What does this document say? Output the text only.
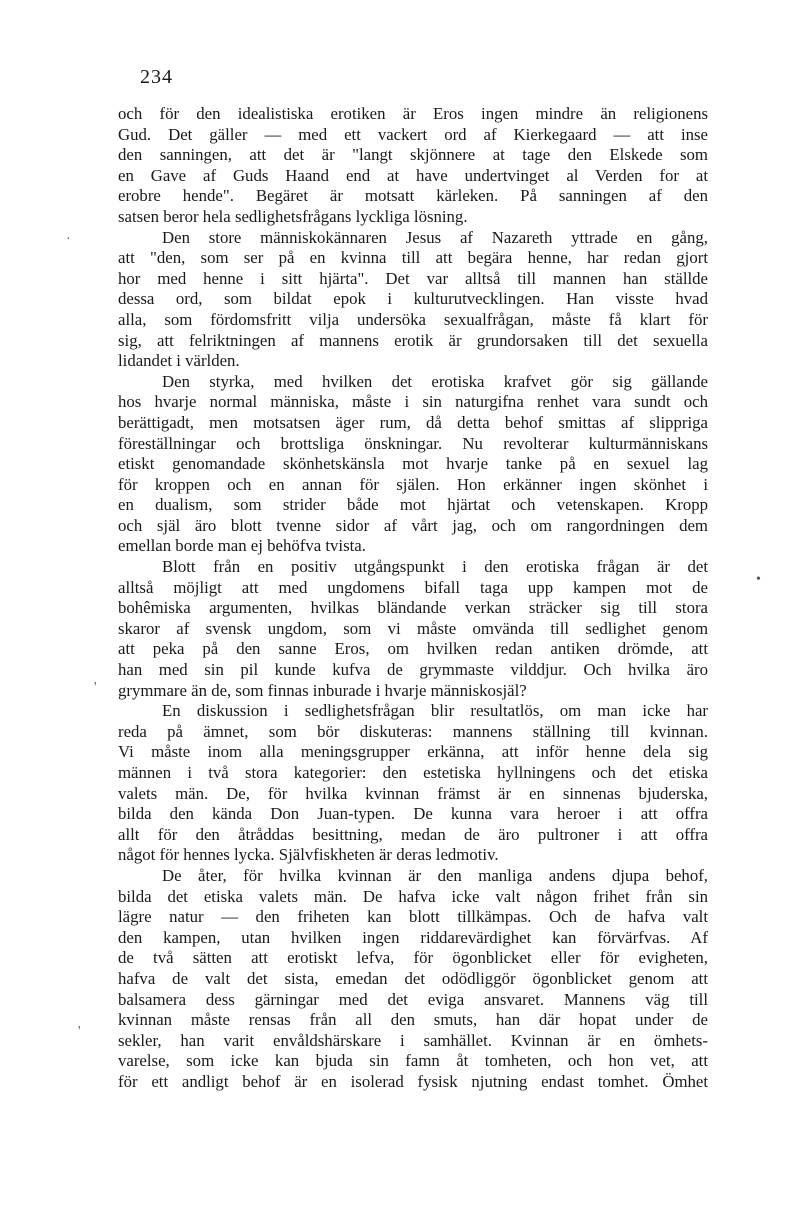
234
och för den idealistiska erotiken är Eros ingen mindre än religionens
Gud. Det gäller — med ett vackert ord af Kierkegaard — att inse
den sanningen, att det är "langt skjönnere at tage den Elskede som
en Gave af Guds Haand end at have undertvinget al Verden for at
erobre hende". Begäret är motsatt kärleken. På sanningen af den
satsen beror hela sedlighetsfrågans lyckliga lösning.
Den store människokännaren Jesus af Nazareth yttrade en gång,
att "den, som ser på en kvinna till att begära henne, har redan gjort
hor med henne i sitt hjärta". Det var alltså till mannen han ställde
dessa ord, som bildat epok i kulturutvecklingen. Han visste hvad
alla, som fördomsfritt vilja undersöka sexualfrågan, måste få klart för
sig, att felriktningen af mannens erotik är grundorsaken till det sexuella
lidandet i världen.
Den styrka, med hvilken det erotiska krafvet gör sig gällande
hos hvarje normal människa, måste i sin naturgifna renhet vara sundt och
berättigadt, men motsatsen äger rum, då detta behof smittas af slippriga
föreställningar och brottsliga önskningar. Nu revolterar kulturmänniskans
etiskt genomandade skönhetskänsla mot hvarje tanke på en sexuel lag
för kroppen och en annan för själen. Hon erkänner ingen skönhet i
en dualism, som strider både mot hjärtat och vetenskapen. Kropp
och själ äro blott tvenne sidor af vårt jag, och om rangordningen dem
emellan borde man ej behöfva tvista.
Blott från en positiv utgångspunkt i den erotiska frågan är det
alltså möjligt att med ungdomens bifall taga upp kampen mot de
bohêmiska argumenten, hvilkas bländande verkan sträcker sig till stora
skaror af svensk ungdom, som vi måste omvända till sedlighet genom
att peka på den sanne Eros, om hvilken redan antiken drömde, att
han med sin pil kunde kufva de grymmaste vilddjur. Och hvilka äro
grymmare än de, som finnas inburade i hvarje människosjäl?
En diskussion i sedlighetsfrågan blir resultatlös, om man icke har
reda på ämnet, som bör diskuteras: mannens ställning till kvinnan.
Vi måste inom alla meningsgrupper erkänna, att inför henne dela sig
männen i två stora kategorier: den estetiska hyllningens och det etiska
valets män. De, för hvilka kvinnan främst är en sinnenas bjuderska,
bilda den kända Don Juan-typen. De kunna vara heroer i att offra
allt för den åtråddas besittning, medan de äro pultroner i att offra
något för hennes lycka. Självfiskheten är deras ledmotiv.
De åter, för hvilka kvinnan är den manliga andens djupa behof,
bilda det etiska valets män. De hafva icke valt någon frihet från sin
lägre natur — den friheten kan blott tillkämpas. Och de hafva valt
den kampen, utan hvilken ingen riddarevärdighet kan förvärfvas. Af
de två sätten att erotiskt lefva, för ögonblicket eller för evigheten,
hafva de valt det sista, emedan det odödliggör ögonblicket genom att
balsamera dess gärningar med det eviga ansvaret. Mannens väg till
kvinnan måste rensas från all den smuts, han där hopat under de
sekler, han varit envåldshärskare i samhället. Kvinnan är en ömhets-
varelse, som icke kan bjuda sin famn åt tomheten, och hon vet, att
för ett andligt behof är en isolerad fysisk njutning endast tomhet. Ömhet
·
•
'
'
